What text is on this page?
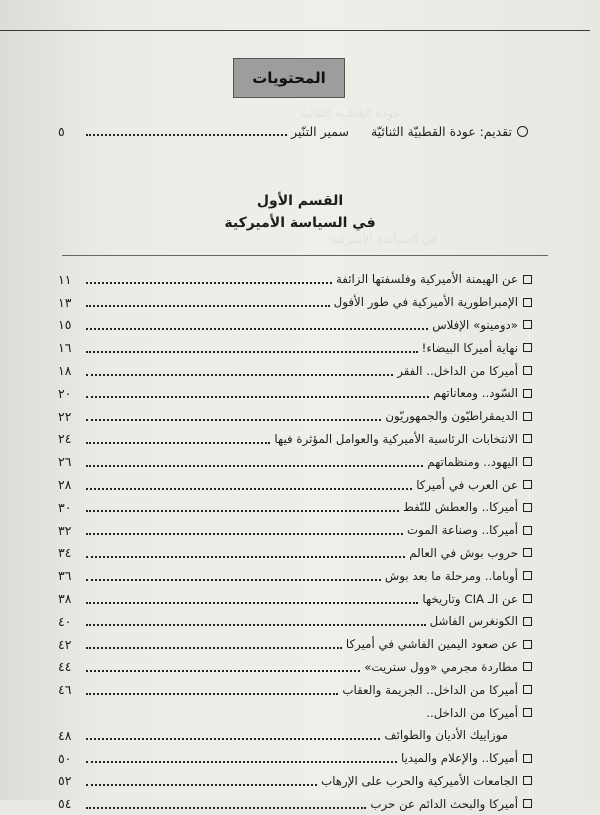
عودة القطبية الثنائية
في السياسة الأميركية
المحتويات
تقديم: عودة القطبيّة الثنائيّة
سمير التنّير
٥
القسم الأول
في السياسة الأميركية
عن الهيمنة الأميركية وفلسفتها الزائفة
١١
الإمبراطورية الأميركية في طور الأفول
١٣
«دومينو» الإفلاس
١٥
نهاية أميركا البيضاء!
١٦
أميركا من الداخل.. الفقر
١٨
السّود.. ومعاناتهم
٢٠
الديمقراطيّون والجمهوريّون
٢٢
الانتخابات الرئاسية الأميركية والعوامل المؤثرة فيها
٢٤
اليهود.. ومنظماتهم
٢٦
عن العرب في أميركا
٢٨
أميركا.. والعطش للنّفط
٣٠
أميركا.. وصناعة الموت
٣٢
حروب بوش في العالم
٣٤
أوباما.. ومرحلة ما بعد بوش
٣٦
عن الـ CIA وتاريخها
٣٨
الكونغرس الفاشل
٤٠
عن صعود اليمين الفاشي في أميركا
٤٢
مطاردة مجرمي «وول ستريت»
٤٤
أميركا من الداخل.. الجريمة والعقاب
٤٦
أميركا من الداخل..
موزاييك الأديان والطوائف
٤٨
أميركا.. والإعلام والميديا
٥٠
الجامعات الأميركية والحرب على الإرهاب
٥٢
أميركا والبحث الدائم عن حرب
٥٤
